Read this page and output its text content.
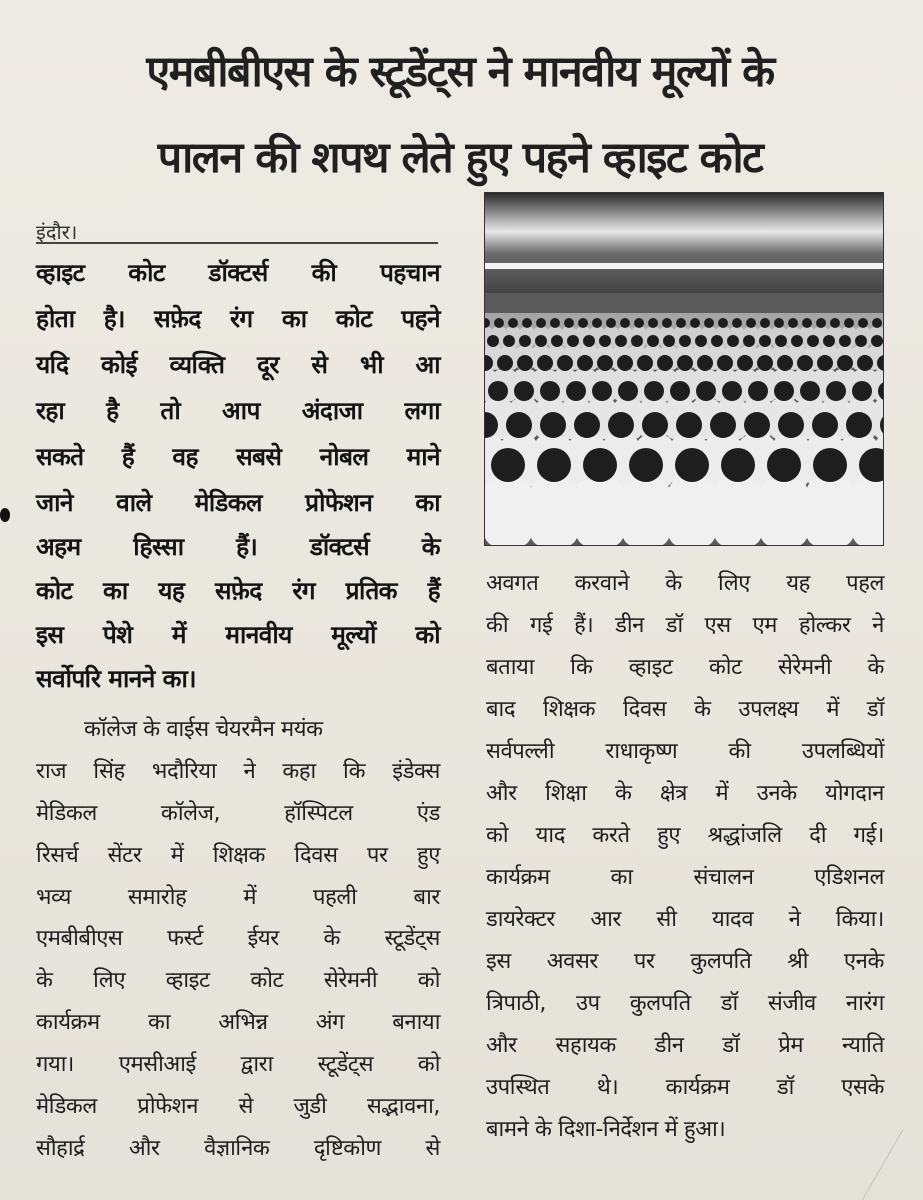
एमबीबीएस के स्टूडेंट्स ने मानवीय मूल्यों के
पालन की शपथ लेते हुए पहने व्हाइट कोट
इंदौर।

व्हाइट कोट डॉक्टर्स की पहचान

होता है। सफ़ेद रंग का कोट पहने

यदि कोई व्यक्ति दूर से भी आ

रहा है तो आप अंदाजा लगा

सकते हैं वह सबसे नोबल माने

जाने वाले मेडिकल प्रोफेशन का

अहम हिस्सा हैं। डॉक्टर्स के

कोट का यह सफ़ेद रंग प्रतिक हैं

इस पेशे में मानवीय मूल्यों को

सर्वोपरि मानने का।

कॉलेज के वाईस चेयरमैन मयंक

राज सिंह भदौरिया ने कहा कि इंडेक्स

मेडिकल कॉलेज, हॉस्पिटल एंड

रिसर्च सेंटर में शिक्षक दिवस पर हुए

भव्य समारोह में पहली बार

एमबीबीएस फर्स्ट ईयर के स्टूडेंट्स

के लिए व्हाइट कोट सेरेमनी को

कार्यक्रम का अभिन्न अंग बनाया

गया। एमसीआई द्वारा स्टूडेंट्स को

मेडिकल प्रोफेशन से जुडी सद्भावना,

सौहार्द्र और वैज्ञानिक दृष्टिकोण से

अवगत करवाने के लिए यह पहल

की गई हैं। डीन डॉ एस एम होल्कर ने

बताया कि व्हाइट कोट सेरेमनी के

बाद शिक्षक दिवस के उपलक्ष्य में डॉ

सर्वपल्ली राधाकृष्ण की उपलब्धियों

और शिक्षा के क्षेत्र में उनके योगदान

को याद करते हुए श्रद्धांजलि दी गई।

कार्यक्रम का संचालन एडिशनल

डायरेक्टर आर सी यादव ने किया।

इस अवसर पर कुलपति श्री एनके

त्रिपाठी, उप कुलपति डॉ संजीव नारंग

और सहायक डीन डॉ प्रेम न्याति

उपस्थित थे। कार्यक्रम डॉ एसके

बामने के दिशा-निर्देशन में हुआ।
